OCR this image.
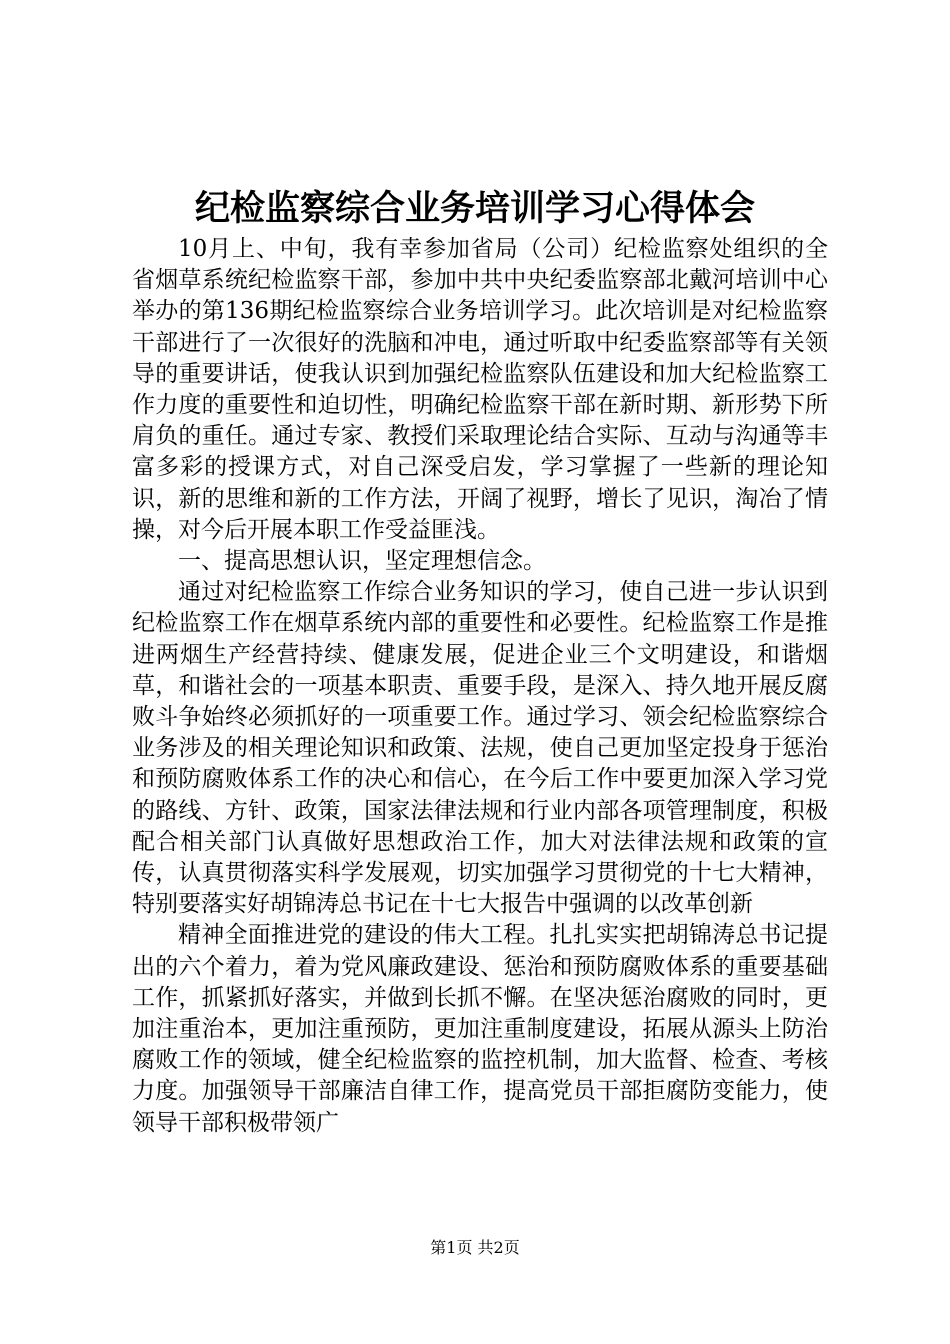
纪检监察综合业务培训学习心得体会

10月上、中旬，我有幸参加省局（公司）纪检监察处组织的全省烟草系统纪检监察干部，参加中共中央纪委监察部北戴河培训中心举办的第136期纪检监察综合业务培训学习。此次培训是对纪检监察干部进行了一次很好的洗脑和冲电，通过听取中纪委监察部等有关领导的重要讲话，使我认识到加强纪检监察队伍建设和加大纪检监察工作力度的重要性和迫切性，明确纪检监察干部在新时期、新形势下所肩负的重任。通过专家、教授们采取理论结合实际、互动与沟通等丰富多彩的授课方式，对自己深受启发，学习掌握了一些新的理论知识，新的思维和新的工作方法，开阔了视野，增长了见识，淘冶了情操，对今后开展本职工作受益匪浅。

一、提高思想认识，坚定理想信念。

通过对纪检监察工作综合业务知识的学习，使自己进一步认识到纪检监察工作在烟草系统内部的重要性和必要性。纪检监察工作是推进两烟生产经营持续、健康发展，促进企业三个文明建设，和谐烟草，和谐社会的一项基本职责、重要手段，是深入、持久地开展反腐败斗争始终必须抓好的一项重要工作。通过学习、领会纪检监察综合业务涉及的相关理论知识和政策、法规，使自己更加坚定投身于惩治和预防腐败体系工作的决心和信心，在今后工作中要更加深入学习党的路线、方针、政策，国家法律法规和行业内部各项管理制度，积极配合相关部门认真做好思想政治工作，加大对法律法规和政策的宣传，认真贯彻落实科学发展观，切实加强学习贯彻党的十七大精神，特别要落实好胡锦涛总书记在十七大报告中强调的以改革创新

精神全面推进党的建设的伟大工程。扎扎实实把胡锦涛总书记提出的六个着力，着为党风廉政建设、惩治和预防腐败体系的重要基础工作，抓紧抓好落实，并做到长抓不懈。在坚决惩治腐败的同时，更加注重治本，更加注重预防，更加注重制度建设，拓展从源头上防治腐败工作的领域，健全纪检监察的监控机制，加大监督、检查、考核力度。加强领导干部廉洁自律工作，提高党员干部拒腐防变能力，使领导干部积极带领广

第1页 共2页
